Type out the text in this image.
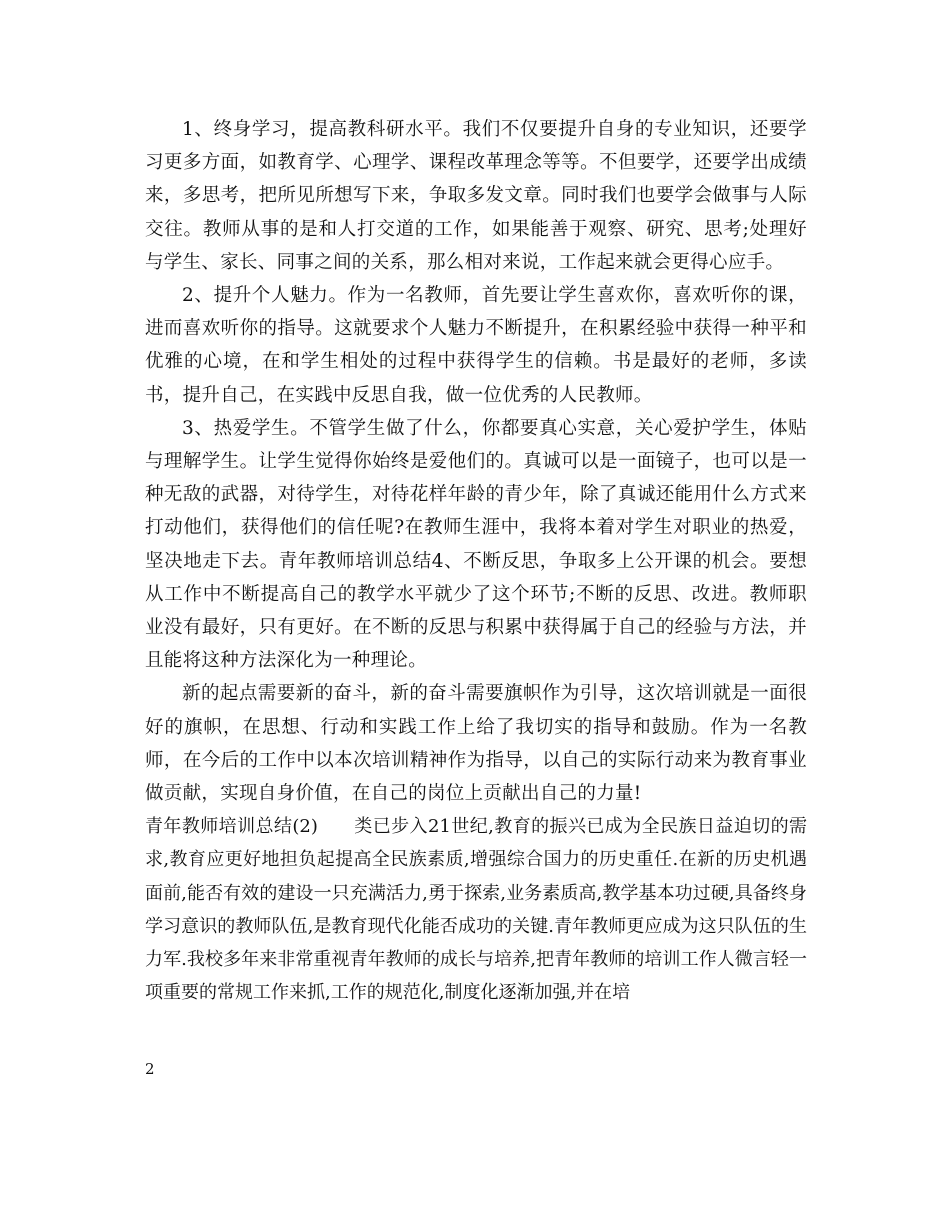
1、终身学习，提高教科研水平。我们不仅要提升自身的专业知识，还要学习更多方面，如教育学、心理学、课程改革理念等等。不但要学，还要学出成绩来，多思考，把所见所想写下来，争取多发文章。同时我们也要学会做事与人际交往。教师从事的是和人打交道的工作，如果能善于观察、研究、思考;处理好与学生、家长、同事之间的关系，那么相对来说，工作起来就会更得心应手。

2、提升个人魅力。作为一名教师，首先要让学生喜欢你，喜欢听你的课，进而喜欢听你的指导。这就要求个人魅力不断提升，在积累经验中获得一种平和优雅的心境，在和学生相处的过程中获得学生的信赖。书是最好的老师，多读书，提升自己，在实践中反思自我，做一位优秀的人民教师。

3、热爱学生。不管学生做了什么，你都要真心实意，关心爱护学生，体贴与理解学生。让学生觉得你始终是爱他们的。真诚可以是一面镜子，也可以是一种无敌的武器，对待学生，对待花样年龄的青少年，除了真诚还能用什么方式来打动他们，获得他们的信任呢?在教师生涯中，我将本着对学生对职业的热爱，坚决地走下去。青年教师培训总结4、不断反思，争取多上公开课的机会。要想从工作中不断提高自己的教学水平就少了这个环节;不断的反思、改进。教师职业没有最好，只有更好。在不断的反思与积累中获得属于自己的经验与方法，并且能将这种方法深化为一种理论。

新的起点需要新的奋斗，新的奋斗需要旗帜作为引导，这次培训就是一面很好的旗帜，在思想、行动和实践工作上给了我切实的指导和鼓励。作为一名教师，在今后的工作中以本次培训精神作为指导，以自己的实际行动来为教育事业做贡献，实现自身价值，在自己的岗位上贡献出自己的力量!

青年教师培训总结(2) 类已步入21世纪,教育的振兴已成为全民族日益迫切的需求,教育应更好地担负起提高全民族素质,增强综合国力的历史重任.在新的历史机遇面前,能否有效的建设一只充满活力,勇于探索,业务素质高,教学基本功过硬,具备终身学习意识的教师队伍,是教育现代化能否成功的关键.青年教师更应成为这只队伍的生力军.我校多年来非常重视青年教师的成长与培养,把青年教师的培训工作人微言轻一项重要的常规工作来抓,工作的规范化,制度化逐渐加强,并在培

2
